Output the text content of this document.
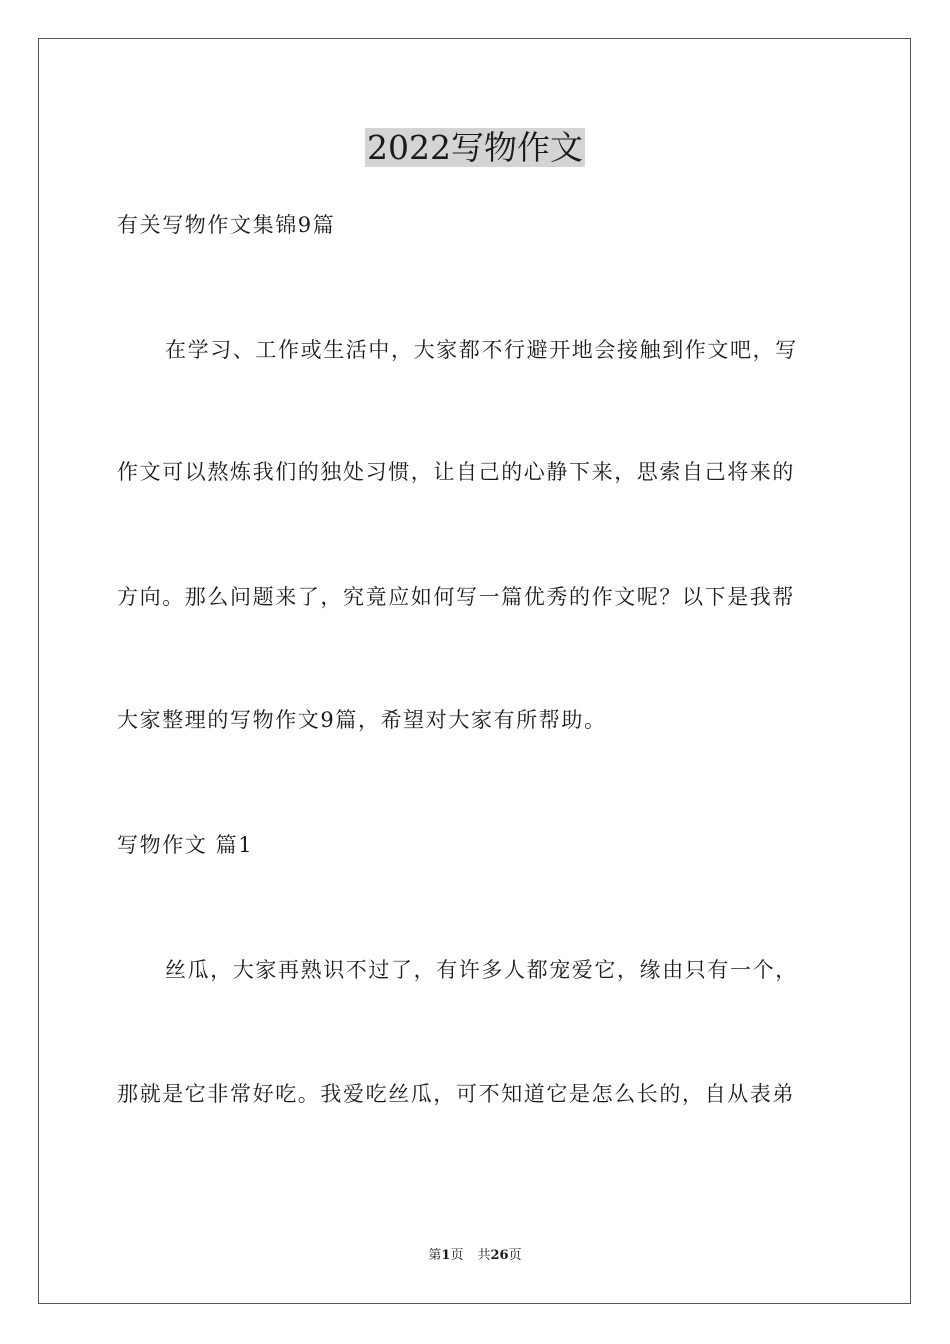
2022写物作文

有关写物作文集锦9篇

在学习、工作或生活中，大家都不行避开地会接触到作文吧，写

作文可以熬炼我们的独处习惯，让自己的心静下来，思索自己将来的

方向。那么问题来了，究竟应如何写一篇优秀的作文呢？以下是我帮

大家整理的写物作文9篇，希望对大家有所帮助。

写物作文 篇1

丝瓜，大家再熟识不过了，有许多人都宠爱它，缘由只有一个，

那就是它非常好吃。我爱吃丝瓜，可不知道它是怎么长的，自从表弟

第1页 共26页
